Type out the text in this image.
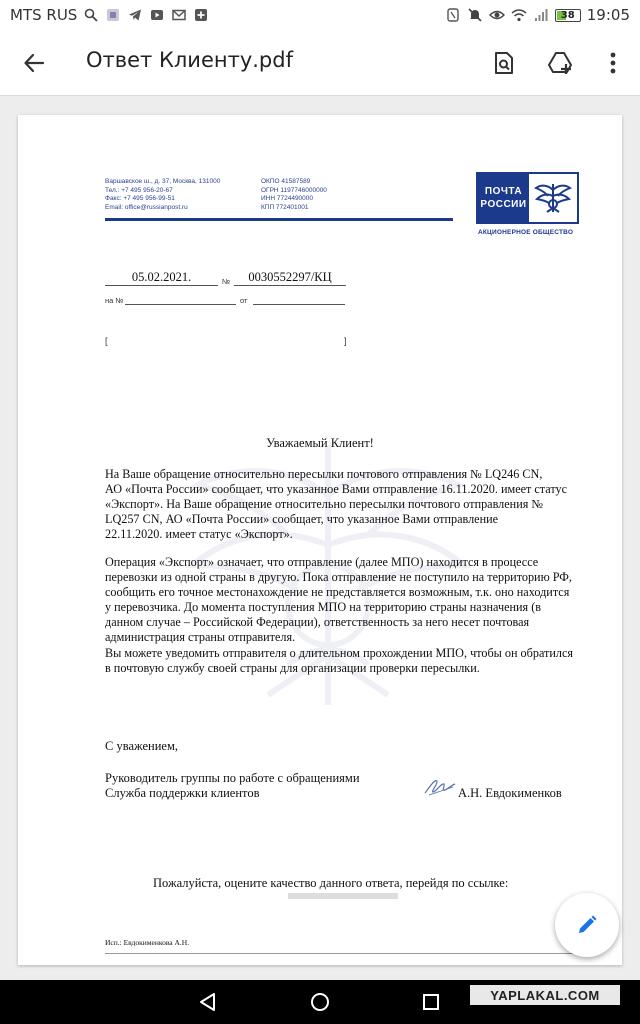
MTS RUS	38 19:05
Ответ Клиенту.pdf
Варшавское ш., д. 37, Москва, 131000
Тел.: +7 495 956-20-67
Факс: +7 495 956-99-51
Email: office@russianpost.ru
ОКПО 41587589
ОГРН 1197746000000
ИНН 7724490000
КПП 772401001
ПОЧТА
РОССИИ
АКЦИОНЕРНОЕ ОБЩЕСТВО
05.02.2021.	№	0030552297/КЦ
на №	от
[	]
Уважаемый Клиент!
На Ваше обращение относительно пересылки почтового отправления № LQ246 CN,
АО «Почта России» сообщает, что указанное Вами отправление 16.11.2020. имеет статус
«Экспорт». На Ваше обращение относительно пересылки почтового отправления №
LQ257 CN, АО «Почта России» сообщает, что указанное Вами отправление
22.11.2020. имеет статус «Экспорт».
Операция «Экспорт» означает, что отправление (далее МПО) находится в процессе
перевозки из одной страны в другую. Пока отправление не поступило на территорию РФ,
сообщить его точное местонахождение не представляется возможным, т.к. оно находится
у перевозчика. До момента поступления МПО на территорию страны назначения (в
данном случае – Российской Федерации), ответственность за него несет почтовая
администрация страны отправителя.
Вы можете уведомить отправителя о длительном прохождении МПО, чтобы он обратился
в почтовую службу своей страны для организации проверки пересылки.
С уважением,
Руководитель группы по работе с обращениями
Служба поддержки клиентов	А.Н. Евдокименков
Пожалуйста, оцените качество данного ответа, перейдя по ссылке:
Исп.: Евдокименкова А.Н.
YAPLAKAL.COM
